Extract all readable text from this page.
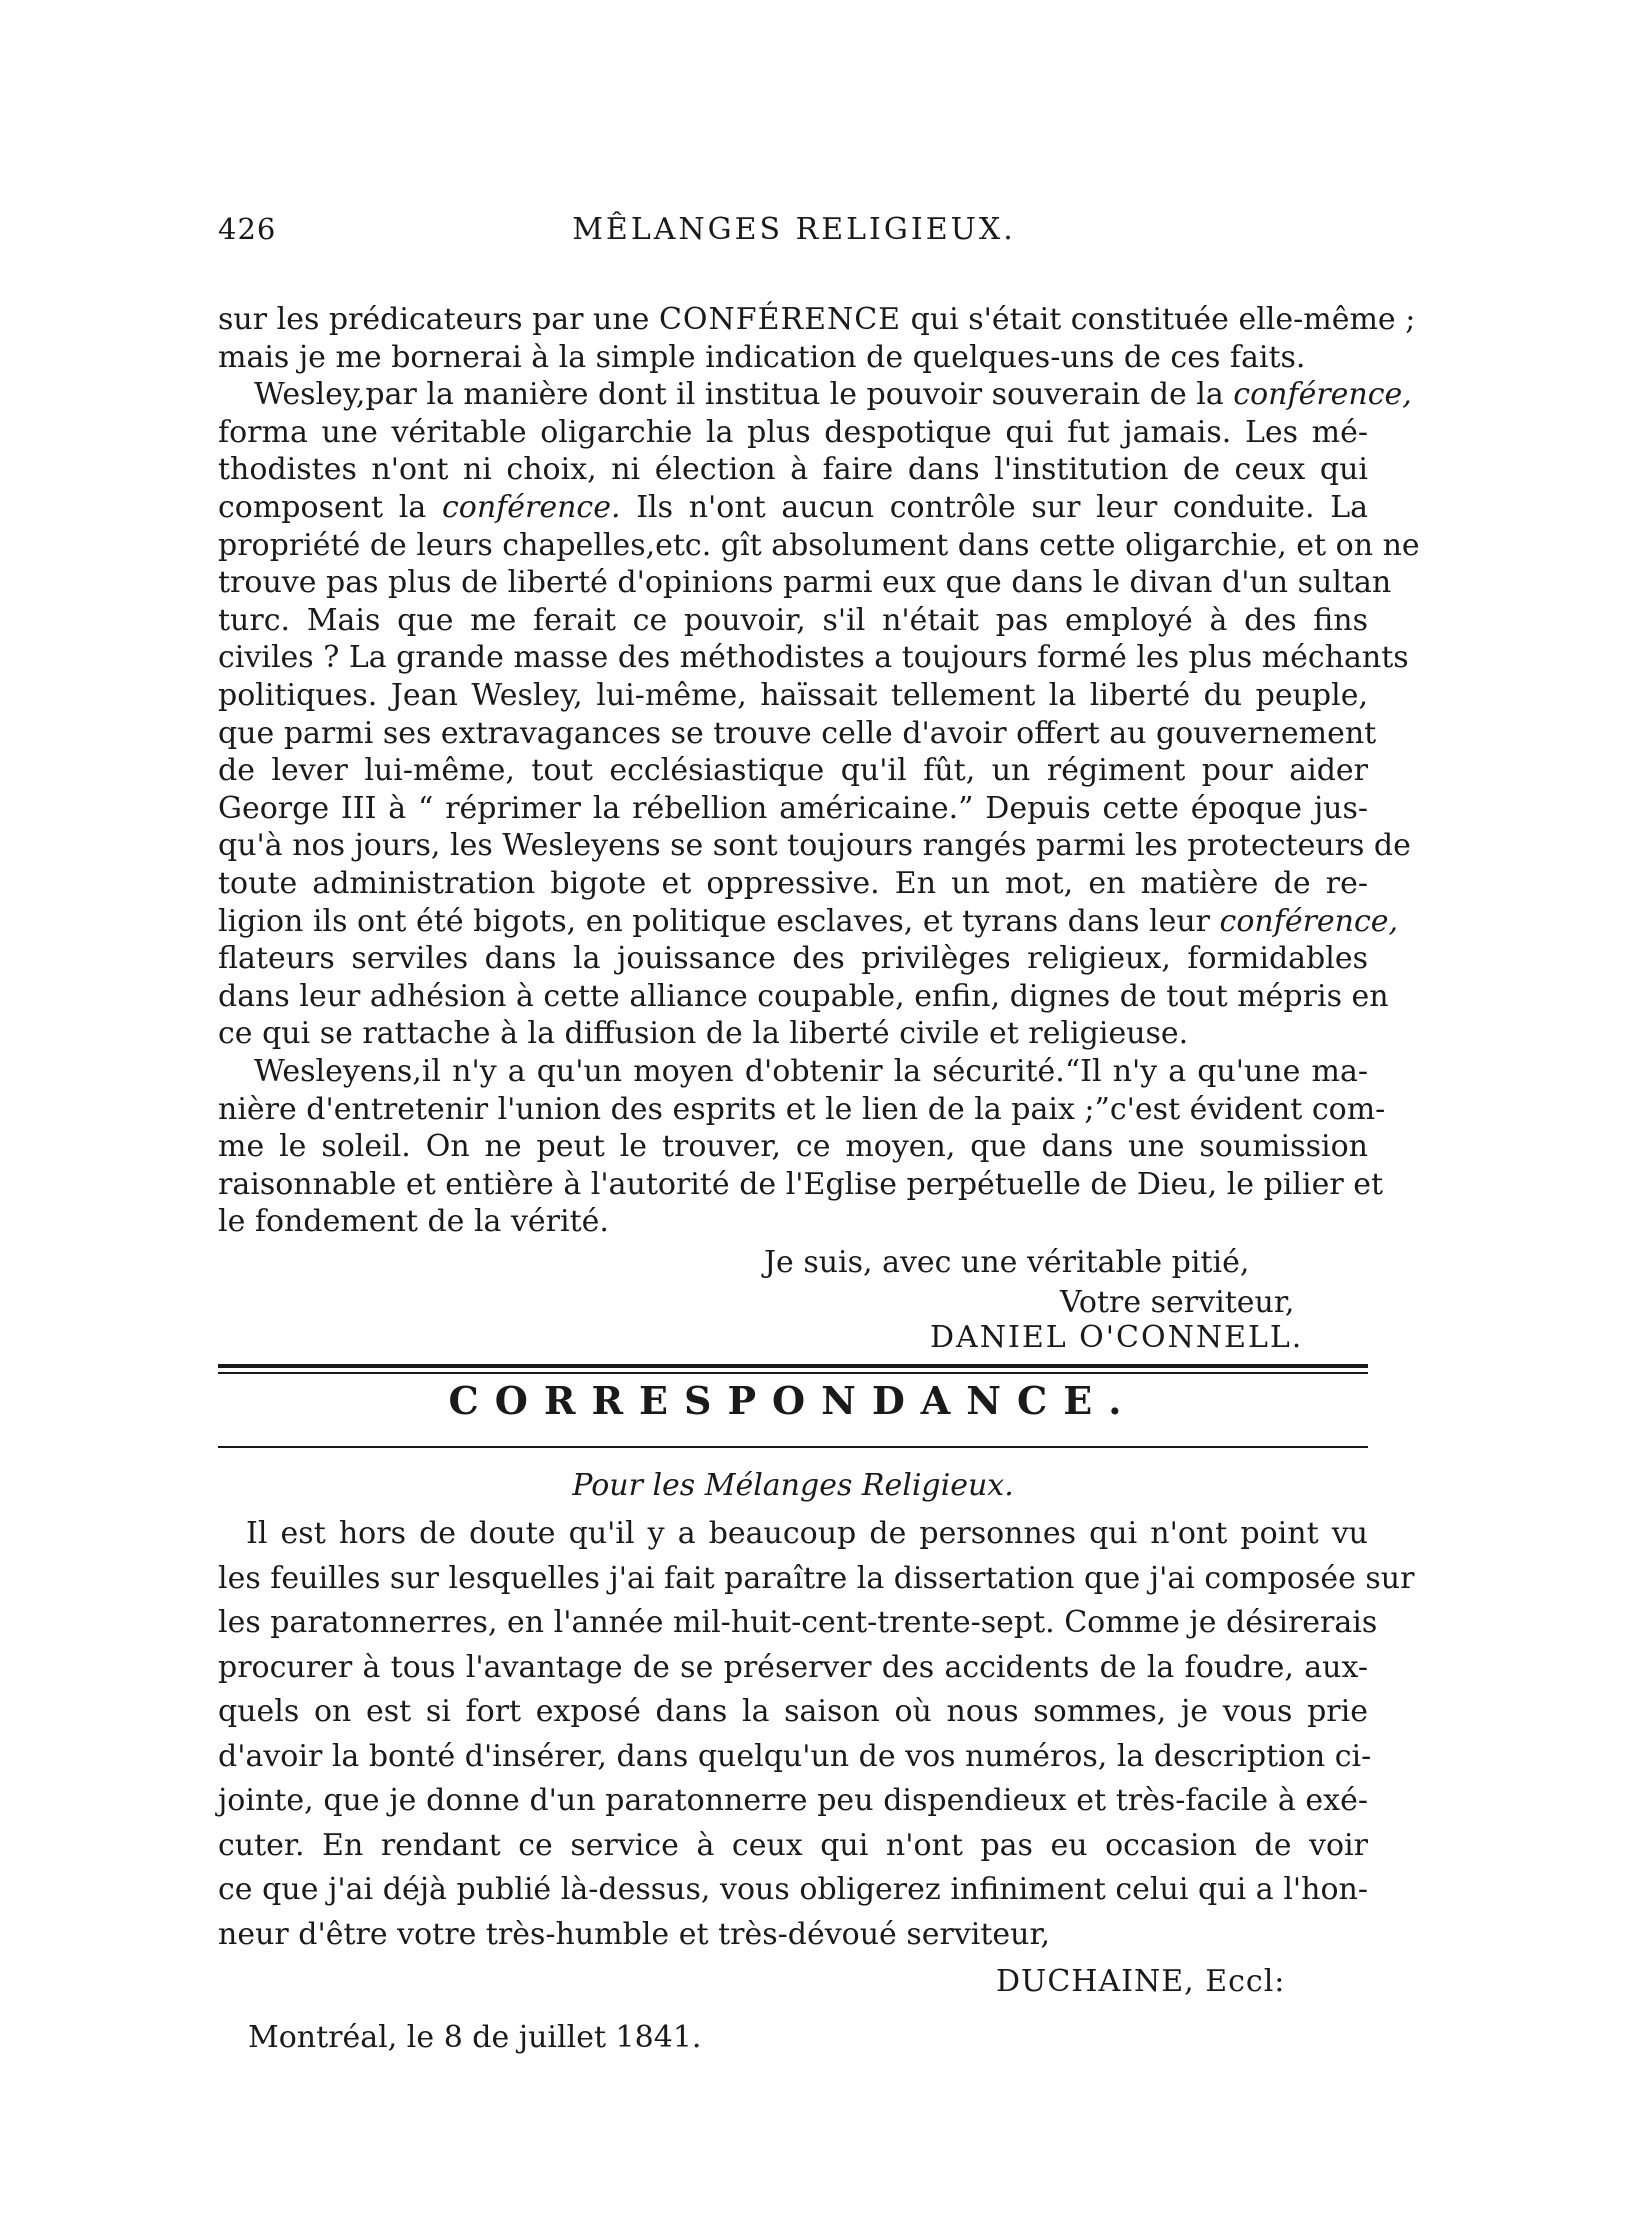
426	MÊLANGES RELIGIEUX.
sur les prédicateurs par une CONFÉRENCE qui s'était constituée elle-même ;
mais je me bornerai à la simple indication de quelques-uns de ces faits.
Wesley,par la manière dont il institua le pouvoir souverain de la conférence,
forma une véritable oligarchie la plus despotique qui fut jamais. Les mé-
thodistes n'ont ni choix, ni élection à faire dans l'institution de ceux qui
composent la conférence. Ils n'ont aucun contrôle sur leur conduite. La
propriété de leurs chapelles,etc. gît absolument dans cette oligarchie, et on ne
trouve pas plus de liberté d'opinions parmi eux que dans le divan d'un sultan
turc. Mais que me ferait ce pouvoir, s'il n'était pas employé à des fins
civiles ? La grande masse des méthodistes a toujours formé les plus méchants
politiques. Jean Wesley, lui-même, haïssait tellement la liberté du peuple,
que parmi ses extravagances se trouve celle d'avoir offert au gouvernement
de lever lui-même, tout ecclésiastique qu'il fût, un régiment pour aider
George III à “ réprimer la rébellion américaine.” Depuis cette époque jus-
qu'à nos jours, les Wesleyens se sont toujours rangés parmi les protecteurs de
toute administration bigote et oppressive. En un mot, en matière de re-
ligion ils ont été bigots, en politique esclaves, et tyrans dans leur conférence,
flateurs serviles dans la jouissance des privilèges religieux, formidables
dans leur adhésion à cette alliance coupable, enfin, dignes de tout mépris en
ce qui se rattache à la diffusion de la liberté civile et religieuse.
Wesleyens,il n'y a qu'un moyen d'obtenir la sécurité.“Il n'y a qu'une ma-
nière d'entretenir l'union des esprits et le lien de la paix ;”c'est évident com-
me le soleil. On ne peut le trouver, ce moyen, que dans une soumission
raisonnable et entière à l'autorité de l'Eglise perpétuelle de Dieu, le pilier et
le fondement de la vérité.
Je suis, avec une véritable pitié,
Votre serviteur,
DANIEL O'CONNELL.
CORRESPONDANCE.
Pour les Mélanges Religieux.
Il est hors de doute qu'il y a beaucoup de personnes qui n'ont point vu
les feuilles sur lesquelles j'ai fait paraître la dissertation que j'ai composée sur
les paratonnerres, en l'année mil-huit-cent-trente-sept. Comme je désirerais
procurer à tous l'avantage de se préserver des accidents de la foudre, aux-
quels on est si fort exposé dans la saison où nous sommes, je vous prie
d'avoir la bonté d'insérer, dans quelqu'un de vos numéros, la description ci-
jointe, que je donne d'un paratonnerre peu dispendieux et très-facile à exé-
cuter. En rendant ce service à ceux qui n'ont pas eu occasion de voir
ce que j'ai déjà publié là-dessus, vous obligerez infiniment celui qui a l'hon-
neur d'être votre très-humble et très-dévoué serviteur,
DUCHAINE, Eccl:
Montréal, le 8 de juillet 1841.
